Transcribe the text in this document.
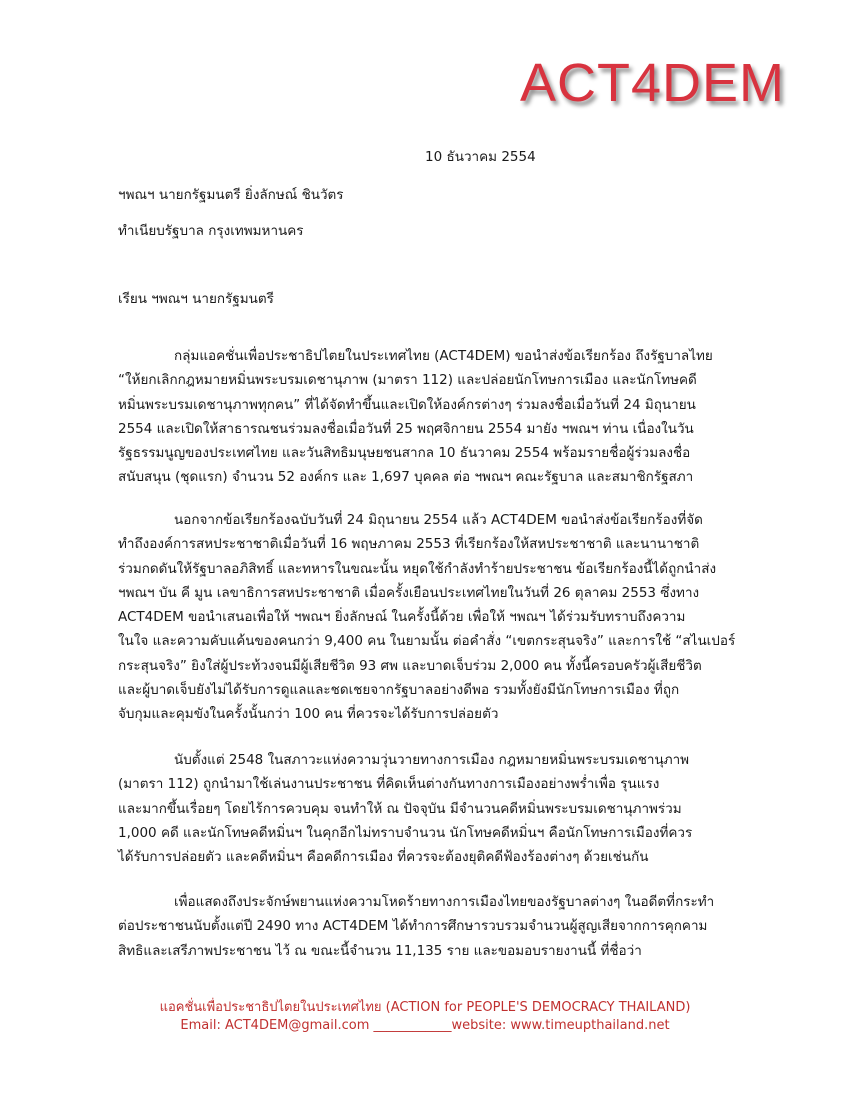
ACT4DEM
10 ธันวาคม 2554
ฯพณฯ นายกรัฐมนตรี ยิ่งลักษณ์ ชินวัตร
ทำเนียบรัฐบาล กรุงเทพมหานคร
เรียน ฯพณฯ นายกรัฐมนตรี
กลุ่มแอคชั่นเพื่อประชาธิปไตยในประเทศไทย (ACT4DEM) ขอนำส่งข้อเรียกร้อง ถึงรัฐบาลไทย
“ให้ยกเลิกกฎหมายหมิ่นพระบรมเดชานุภาพ (มาตรา 112) และปล่อยนักโทษการเมือง และนักโทษคดี
หมิ่นพระบรมเดชานุภาพทุกคน” ที่ได้จัดทำขึ้นและเปิดให้องค์กรต่างๆ ร่วมลงชื่อเมื่อวันที่ 24 มิถุนายน
2554 และเปิดให้สาธารณชนร่วมลงชื่อเมื่อวันที่ 25 พฤศจิกายน 2554 มายัง ฯพณฯ ท่าน เนื่องในวัน
รัฐธรรมนูญของประเทศไทย และวันสิทธิมนุษยชนสากล 10 ธันวาคม 2554 พร้อมรายชื่อผู้ร่วมลงชื่อ
สนับสนุน (ชุดแรก) จำนวน 52 องค์กร และ 1,697 บุคคล ต่อ ฯพณฯ คณะรัฐบาล และสมาชิกรัฐสภา
นอกจากข้อเรียกร้องฉบับวันที่ 24 มิถุนายน 2554 แล้ว ACT4DEM ขอนำส่งข้อเรียกร้องที่จัด
ทำถึงองค์การสหประชาชาติเมื่อวันที่ 16 พฤษภาคม 2553 ที่เรียกร้องให้สหประชาชาติ และนานาชาติ
ร่วมกดดันให้รัฐบาลอภิสิทธิ์ และทหารในขณะนั้น หยุดใช้กำลังทำร้ายประชาชน ข้อเรียกร้องนี้ได้ถูกนำส่ง
ฯพณฯ บัน คี มูน เลขาธิการสหประชาชาติ เมื่อครั้งเยือนประเทศไทยในวันที่ 26 ตุลาคม 2553 ซึ่งทาง
ACT4DEM ขอนำเสนอเพื่อให้ ฯพณฯ ยิ่งลักษณ์ ในครั้งนี้ด้วย เพื่อให้ ฯพณฯ ได้ร่วมรับทราบถึงความ
ในใจ และความคับแค้นของคนกว่า 9,400 คน ในยามนั้น ต่อคำสั่ง “เขตกระสุนจริง” และการใช้ “สไนเปอร์
กระสุนจริง” ยิงใส่ผู้ประท้วงจนมีผู้เสียชีวิต 93 ศพ และบาดเจ็บร่วม 2,000 คน ทั้งนี้ครอบครัวผู้เสียชีวิต
และผู้บาดเจ็บยังไม่ได้รับการดูแลและชดเชยจากรัฐบาลอย่างดีพอ รวมทั้งยังมีนักโทษการเมือง ที่ถูก
จับกุมและคุมขังในครั้งนั้นกว่า 100 คน ที่ควรจะได้รับการปล่อยตัว
นับตั้งแต่ 2548 ในสภาวะแห่งความวุ่นวายทางการเมือง กฎหมายหมิ่นพระบรมเดชานุภาพ
(มาตรา 112) ถูกนำมาใช้เล่นงานประชาชน ที่คิดเห็นต่างกันทางการเมืองอย่างพร่ำเพื่อ รุนแรง
และมากขึ้นเรื่อยๆ โดยไร้การควบคุม จนทำให้ ณ ปัจจุบัน มีจำนวนคดีหมิ่นพระบรมเดชานุภาพร่วม
1,000 คดี และนักโทษคดีหมิ่นฯ ในคุกอีกไม่ทราบจำนวน นักโทษคดีหมิ่นฯ คือนักโทษการเมืองที่ควร
ได้รับการปล่อยตัว และคดีหมิ่นฯ คือคดีการเมือง ที่ควรจะต้องยุติคดีฟ้องร้องต่างๆ ด้วยเช่นกัน
เพื่อแสดงถึงประจักษ์พยานแห่งความโหดร้ายทางการเมืองไทยของรัฐบาลต่างๆ ในอดีตที่กระทำ
ต่อประชาชนนับตั้งแต่ปี 2490 ทาง ACT4DEM ได้ทำการศึกษารวบรวมจำนวนผู้สูญเสียจากการคุกคาม
สิทธิและเสรีภาพประชาชน ไว้ ณ ขณะนี้จำนวน 11,135 ราย และขอมอบรายงานนี้ ที่ชื่อว่า
แอคชั่นเพื่อประชาธิปไตยในประเทศไทย (ACTION for PEOPLE'S DEMOCRACY THAILAND)
Email: ACT4DEM@gmail.com ____________website: www.timeupthailand.net
